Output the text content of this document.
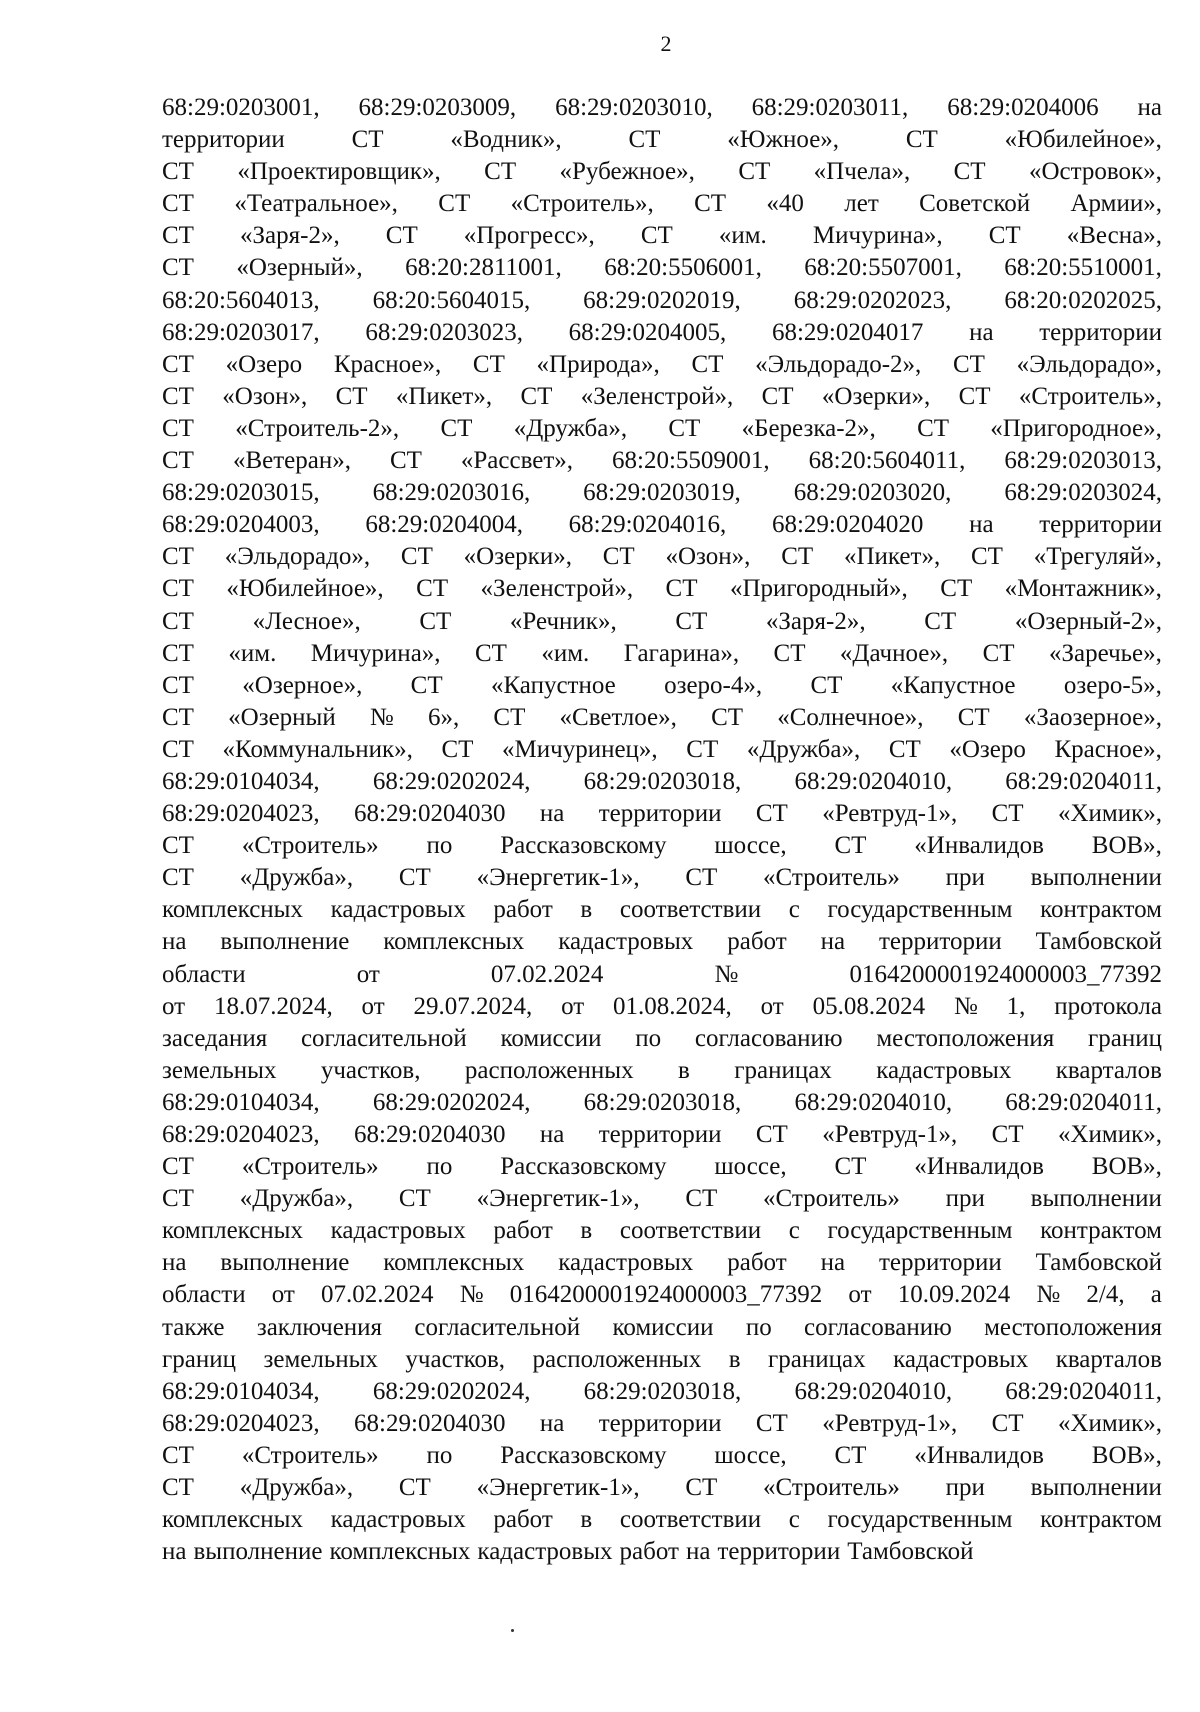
2
68:29:0203001, 68:29:0203009, 68:29:0203010, 68:29:0203011, 68:29:0204006 на
территории	СТ	«Водник»,	СТ	«Южное»,	СТ	«Юбилейное»,
СТ «Проектировщик», СТ «Рубежное», СТ «Пчела», СТ «Островок»,
СТ «Театральное», СТ «Строитель», СТ «40 лет Советской Армии»,
СТ «Заря-2», СТ «Прогресс», СТ «им. Мичурина», СТ «Весна»,
СТ «Озерный», 68:20:2811001, 68:20:5506001, 68:20:5507001, 68:20:5510001,
68:20:5604013, 68:20:5604015, 68:29:0202019, 68:29:0202023, 68:20:0202025,
68:29:0203017, 68:29:0203023, 68:29:0204005, 68:29:0204017 на территории
СТ «Озеро Красное», СТ «Природа», СТ «Эльдорадо-2», СТ «Эльдорадо»,
СТ «Озон», СТ «Пикет», СТ «Зеленстрой», СТ «Озерки», СТ «Строитель»,
СТ «Строитель-2», СТ «Дружба», СТ «Березка-2», СТ «Пригородное»,
СТ «Ветеран», СТ «Рассвет», 68:20:5509001, 68:20:5604011, 68:29:0203013,
68:29:0203015, 68:29:0203016, 68:29:0203019, 68:29:0203020, 68:29:0203024,
68:29:0204003, 68:29:0204004, 68:29:0204016, 68:29:0204020 на территории
СТ «Эльдорадо», СТ «Озерки», СТ «Озон», СТ «Пикет», СТ «Трегуляй»,
СТ «Юбилейное», СТ «Зеленстрой», СТ «Пригородный», СТ «Монтажник»,
СТ «Лесное», СТ «Речник», СТ «Заря-2», СТ «Озерный-2»,
СТ «им. Мичурина», СТ «им. Гагарина», СТ «Дачное», СТ «Заречье»,
СТ «Озерное», СТ «Капустное озеро-4», СТ «Капустное озеро-5»,
СТ «Озерный № 6», СТ «Светлое», СТ «Солнечное», СТ «Заозерное»,
СТ «Коммунальник», СТ «Мичуринец», СТ «Дружба», СТ «Озеро Красное»,
68:29:0104034, 68:29:0202024, 68:29:0203018, 68:29:0204010, 68:29:0204011,
68:29:0204023, 68:29:0204030 на территории СТ «Ревтруд-1», СТ «Химик»,
СТ «Строитель» по Рассказовскому шоссе, СТ «Инвалидов ВОВ»,
СТ «Дружба», СТ «Энергетик-1», СТ «Строитель» при выполнении
комплексных кадастровых работ в соответствии с государственным контрактом
на выполнение комплексных кадастровых работ на территории Тамбовской
области	от	07.02.2024	№	0164200001924000003_77392
от 18.07.2024, от 29.07.2024, от 01.08.2024, от 05.08.2024 № 1, протокола
заседания согласительной комиссии по согласованию местоположения границ
земельных участков, расположенных в границах кадастровых кварталов
68:29:0104034, 68:29:0202024, 68:29:0203018, 68:29:0204010, 68:29:0204011,
68:29:0204023, 68:29:0204030 на территории СТ «Ревтруд-1», СТ «Химик»,
СТ «Строитель» по Рассказовскому шоссе, СТ «Инвалидов ВОВ»,
СТ «Дружба», СТ «Энергетик-1», СТ «Строитель» при выполнении
комплексных кадастровых работ в соответствии с государственным контрактом
на выполнение комплексных кадастровых работ на территории Тамбовской
области от 07.02.2024 № 0164200001924000003_77392 от 10.09.2024 № 2/4, а
также заключения согласительной комиссии по согласованию местоположения
границ земельных участков, расположенных в границах кадастровых кварталов
68:29:0104034, 68:29:0202024, 68:29:0203018, 68:29:0204010, 68:29:0204011,
68:29:0204023, 68:29:0204030 на территории СТ «Ревтруд-1», СТ «Химик»,
СТ «Строитель» по Рассказовскому шоссе, СТ «Инвалидов ВОВ»,
СТ «Дружба», СТ «Энергетик-1», СТ «Строитель» при выполнении
комплексных кадастровых работ в соответствии с государственным контрактом
на выполнение комплексных кадастровых работ на территории Тамбовской
